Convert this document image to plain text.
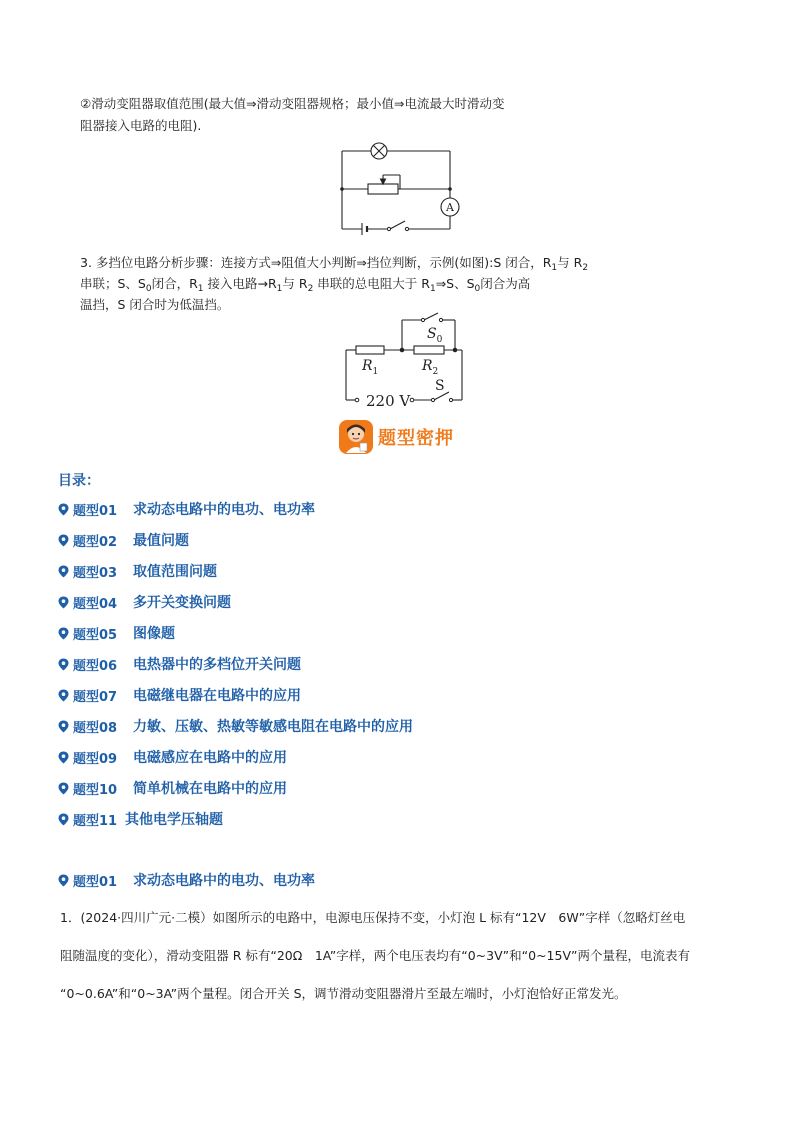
②滑动变阻器取值范围(最大值⇒滑动变阻器规格；最小值⇒电流最大时滑动变
阻器接入电路的电阻).
A
3. 多挡位电路分析步骤：连接方式⇒阻值大小判断⇒挡位判断，示例(如图):S 闭合，$R_1$与 $R_2$
串联；S、$S_0$闭合，$R_1$ 接入电路$\to R_1$与 $R_2$ 串联的总电阻大于 $R_1\Rightarrow S$、$S_0$闭合为高
温挡，S 闭合时为低温挡。
$S_0$
$R_1$	$R_2$
S
220 V
题型密押
目录：
题型01	求动态电路中的电功、电功率
题型02	最值问题
题型03	取值范围问题
题型04	多开关变换问题
题型05	图像题
题型06	电热器中的多档位开关问题
题型07	电磁继电器在电路中的应用
题型08	力敏、压敏、热敏等敏感电阻在电路中的应用
题型09	电磁感应在电路中的应用
题型10	简单机械在电路中的应用
题型11 其他电学压轴题
题型01	求动态电路中的电功、电功率
1．(2024·四川广元·二模）如图所示的电路中，电源电压保持不变，小灯泡 L 标有“12V　6W”字样（忽略灯丝电
阻随温度的变化），滑动变阻器 R 标有“20Ω　1A”字样，两个电压表均有“0~3V”和“0~15V”两个量程，电流表有
“0~0.6A”和“0~3A”两个量程。闭合开关 S，调节滑动变阻器滑片至最左端时，小灯泡恰好正常发光。
